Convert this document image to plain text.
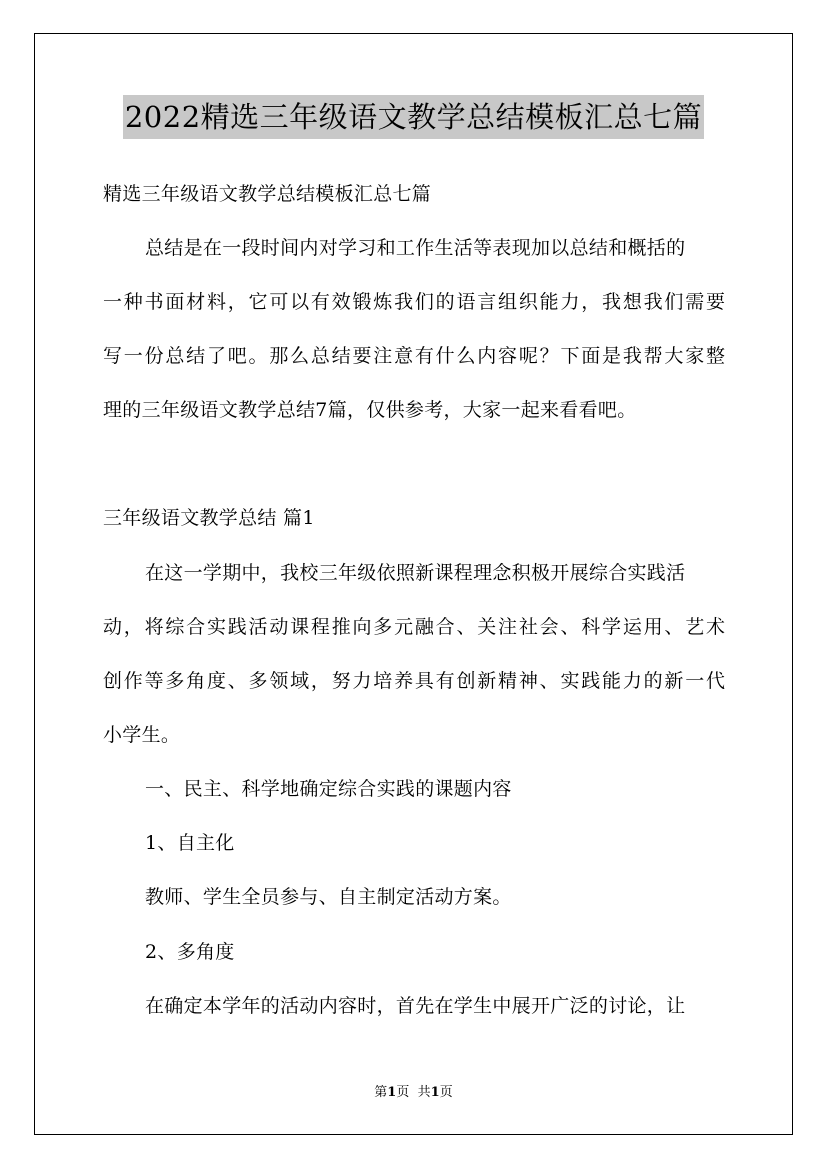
2022精选三年级语文教学总结模板汇总七篇
精选三年级语文教学总结模板汇总七篇
总结是在一段时间内对学习和工作生活等表现加以总结和概括的
一种书面材料，它可以有效锻炼我们的语言组织能力，我想我们需要
写一份总结了吧。那么总结要注意有什么内容呢？下面是我帮大家整
理的三年级语文教学总结7篇，仅供参考，大家一起来看看吧。
三年级语文教学总结 篇1
在这一学期中，我校三年级依照新课程理念积极开展综合实践活
动，将综合实践活动课程推向多元融合、关注社会、科学运用、艺术
创作等多角度、多领域，努力培养具有创新精神、实践能力的新一代
小学生。
一、民主、科学地确定综合实践的课题内容
1、自主化
教师、学生全员参与、自主制定活动方案。
2、多角度
在确定本学年的活动内容时，首先在学生中展开广泛的讨论，让
第1页 共1页
